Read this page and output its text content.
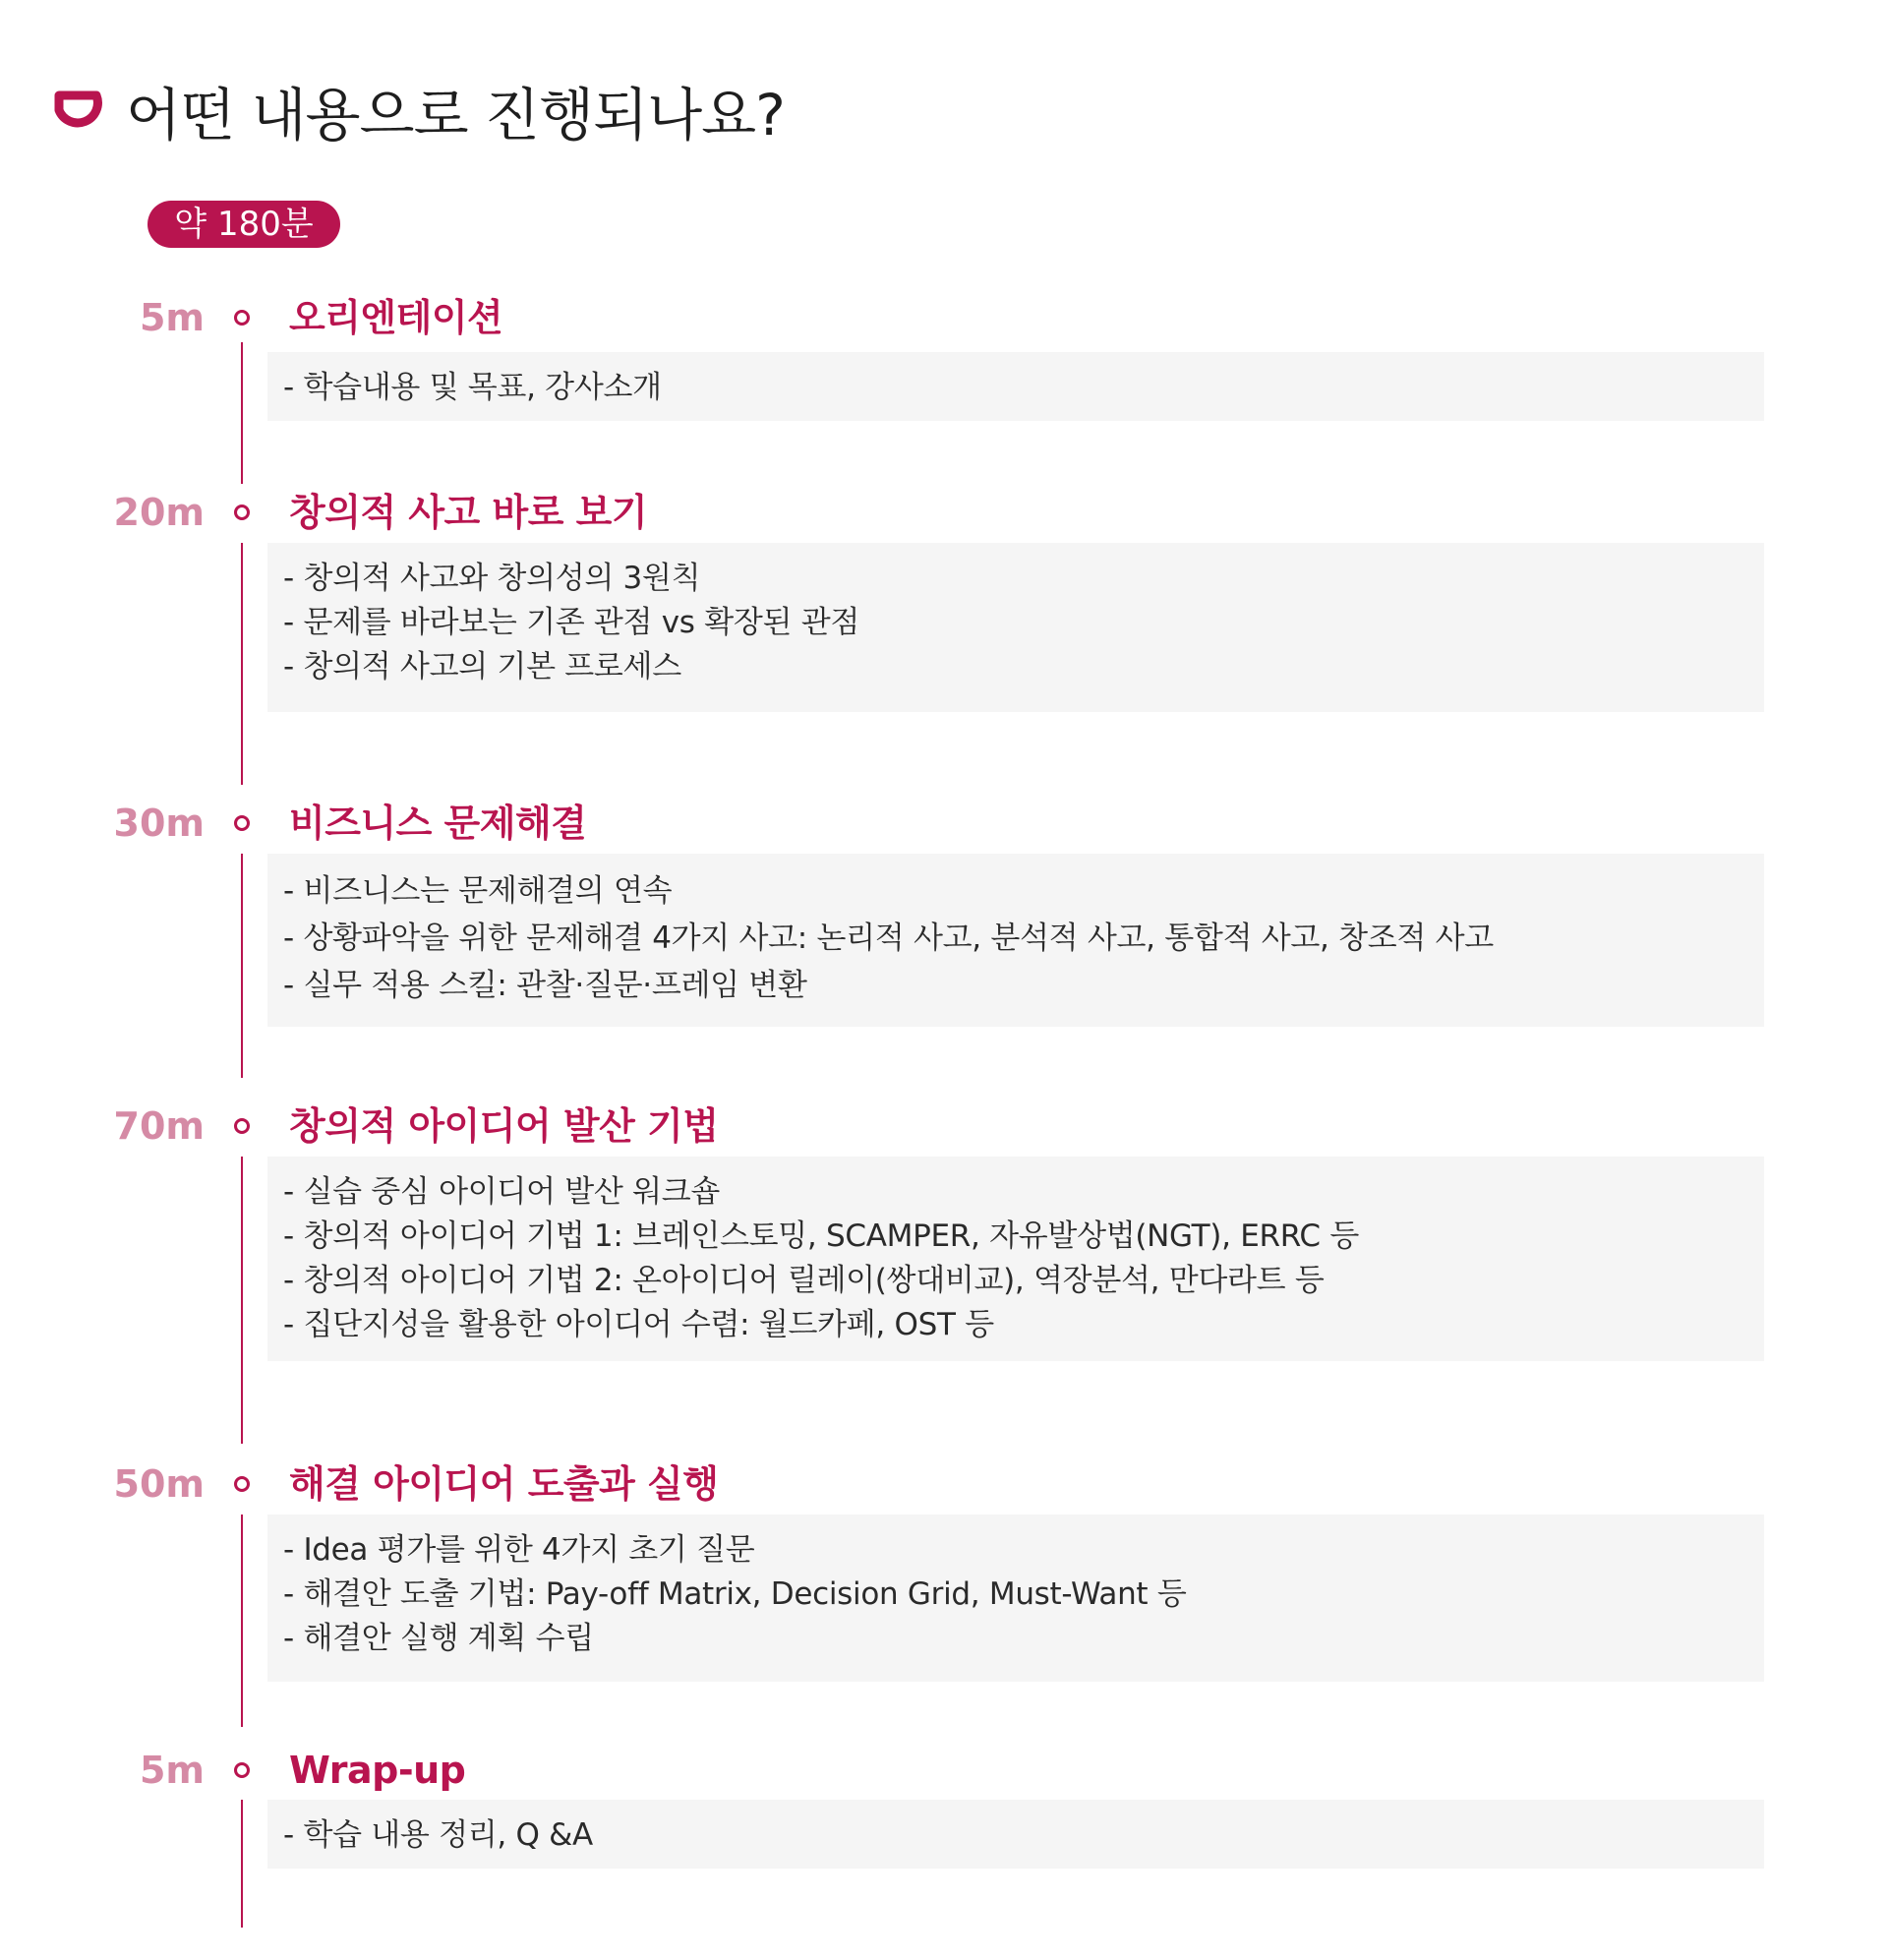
어떤 내용으로 진행되나요?
약 180분
5m 오리엔테이션
- 학습내용 및 목표, 강사소개
20m 창의적 사고 바로 보기
- 창의적 사고와 창의성의 3원칙
- 문제를 바라보는 기존 관점 vs 확장된 관점
- 창의적 사고의 기본 프로세스
30m 비즈니스 문제해결
- 비즈니스는 문제해결의 연속
- 상황파악을 위한 문제해결 4가지 사고: 논리적 사고, 분석적 사고, 통합적 사고, 창조적 사고
- 실무 적용 스킬: 관찰·질문·프레임 변환
70m 창의적 아이디어 발산 기법
- 실습 중심 아이디어 발산 워크숍
- 창의적 아이디어 기법 1: 브레인스토밍, SCAMPER, 자유발상법(NGT), ERRC 등
- 창의적 아이디어 기법 2: 온아이디어 릴레이(쌍대비교), 역장분석, 만다라트 등
- 집단지성을 활용한 아이디어 수렴: 월드카페, OST 등
50m 해결 아이디어 도출과 실행
- Idea 평가를 위한 4가지 초기 질문
- 해결안 도출 기법: Pay-off Matrix, Decision Grid, Must-Want 등
- 해결안 실행 계획 수립
5m Wrap-up
- 학습 내용 정리, Q &A
